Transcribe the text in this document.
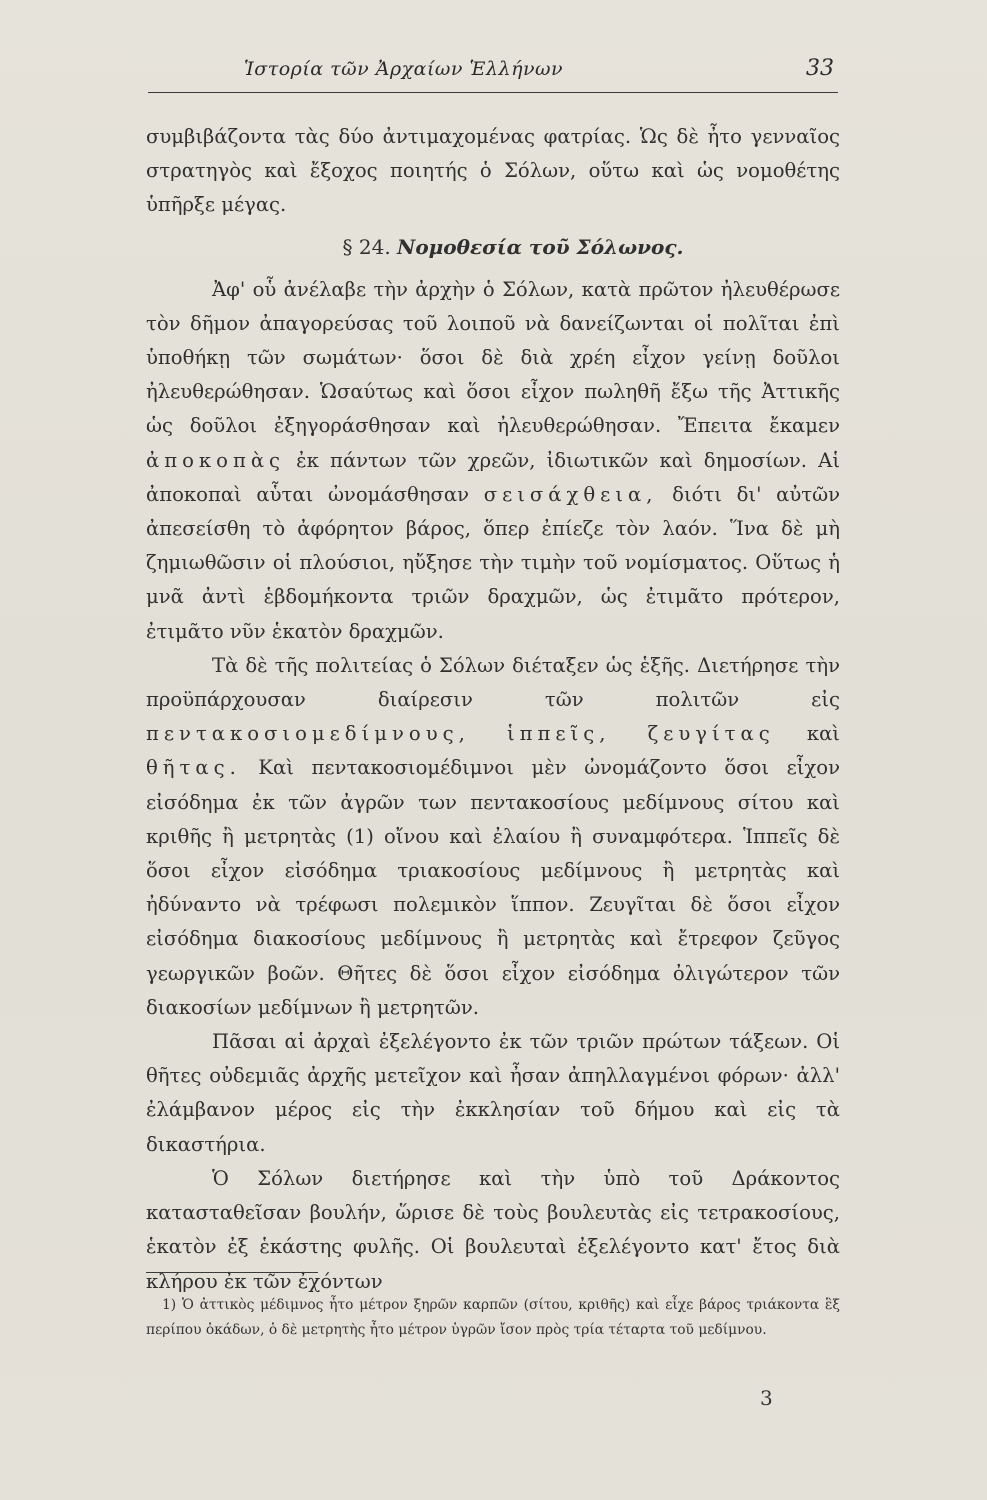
Ἱστορία τῶν Ἀρχαίων Ἑλλήνων	33

συμβιβάζοντα τὰς δύο ἀντιμαχομένας φατρίας. Ὡς δὲ ἦτο γενναῖος στρατηγὸς καὶ ἔξοχος ποιητής ὁ Σόλων, οὕτω καὶ ὡς νομοθέτης ὑπῆρξε μέγας.

§ 24. Νομοθεσία τοῦ Σόλωνος.

Ἀφ' οὗ ἀνέλαβε τὴν ἀρχὴν ὁ Σόλων, κατὰ πρῶτον ἠλευθέρωσε τὸν δῆμον ἀπαγορεύσας τοῦ λοιποῦ νὰ δανείζωνται οἱ πολῖται ἐπὶ ὑποθήκῃ τῶν σωμάτων· ὅσοι δὲ διὰ χρέη εἶχον γείνῃ δοῦλοι ἠλευθερώθησαν. Ὡσαύτως καὶ ὅσοι εἶχον πωληθῆ ἔξω τῆς Ἀττικῆς ὡς δοῦλοι ἐξηγοράσθησαν καὶ ἠλευθερώθησαν. Ἔπειτα ἔκαμεν ἀποκοπὰς ἐκ πάντων τῶν χρεῶν, ἰδιωτικῶν καὶ δημοσίων. Αἱ ἀποκοπαὶ αὗται ὠνομάσθησαν σεισάχθεια, διότι δι' αὐτῶν ἀπεσείσθη τὸ ἀφόρητον βάρος, ὅπερ ἐπίεζε τὸν λαόν. Ἵνα δὲ μὴ ζημιωθῶσιν οἱ πλούσιοι, ηὔξησε τὴν τιμὴν τοῦ νομίσματος. Οὕτως ἡ μνᾶ ἀντὶ ἑβδομήκοντα τριῶν δραχμῶν, ὡς ἐτιμᾶτο πρότερον, ἐτιμᾶτο νῦν ἑκατὸν δραχμῶν.

Τὰ δὲ τῆς πολιτείας ὁ Σόλων διέταξεν ὡς ἑξῆς. Διετήρησε τὴν προϋπάρχουσαν διαίρεσιν τῶν πολιτῶν εἰς πεντακοσιομεδίμνους, ἱππεῖς, ζευγίτας καὶ θῆτας. Καὶ πεντακοσιομέδιμνοι μὲν ὠνομάζοντο ὅσοι εἶχον εἰσόδημα ἐκ τῶν ἀγρῶν των πεντακοσίους μεδίμνους σίτου καὶ κριθῆς ἢ μετρητὰς (1) οἴνου καὶ ἐλαίου ἢ συναμφότερα. Ἱππεῖς δὲ ὅσοι εἶχον εἰσόδημα τριακοσίους μεδίμνους ἢ μετρητὰς καὶ ἠδύναντο νὰ τρέφωσι πολεμικὸν ἵππον. Ζευγῖται δὲ ὅσοι εἶχον εἰσόδημα διακοσίους μεδίμνους ἢ μετρητὰς καὶ ἔτρεφον ζεῦγος γεωργικῶν βοῶν. Θῆτες δὲ ὅσοι εἶχον εἰσόδημα ὀλιγώτερον τῶν διακοσίων μεδίμνων ἢ μετρητῶν.

Πᾶσαι αἱ ἀρχαὶ ἐξελέγοντο ἐκ τῶν τριῶν πρώτων τάξεων. Οἱ θῆτες οὐδεμιᾶς ἀρχῆς μετεῖχον καὶ ἦσαν ἀπηλλαγμένοι φόρων· ἀλλ' ἐλάμβανον μέρος εἰς τὴν ἐκκλησίαν τοῦ δήμου καὶ εἰς τὰ δικαστήρια.

Ὁ Σόλων διετήρησε καὶ τὴν ὑπὸ τοῦ Δράκοντος κατασταθεῖσαν βουλήν, ὥρισε δὲ τοὺς βουλευτὰς εἰς τετρακοσίους, ἑκατὸν ἐξ ἑκάστης φυλῆς. Οἱ βουλευταὶ ἐξελέγοντο κατ' ἔτος διὰ κλήρου ἐκ τῶν ἐχόντων

1) Ὁ ἀττικὸς μέδιμνος ἦτο μέτρον ξηρῶν καρπῶν (σίτου, κριθῆς) καὶ εἶχε βάρος τριάκοντα ἓξ περίπου ὀκάδων, ὁ δὲ μετρητὴς ἦτο μέτρον ὑγρῶν ἴσον πρὸς τρία τέταρτα τοῦ μεδίμνου.

3
